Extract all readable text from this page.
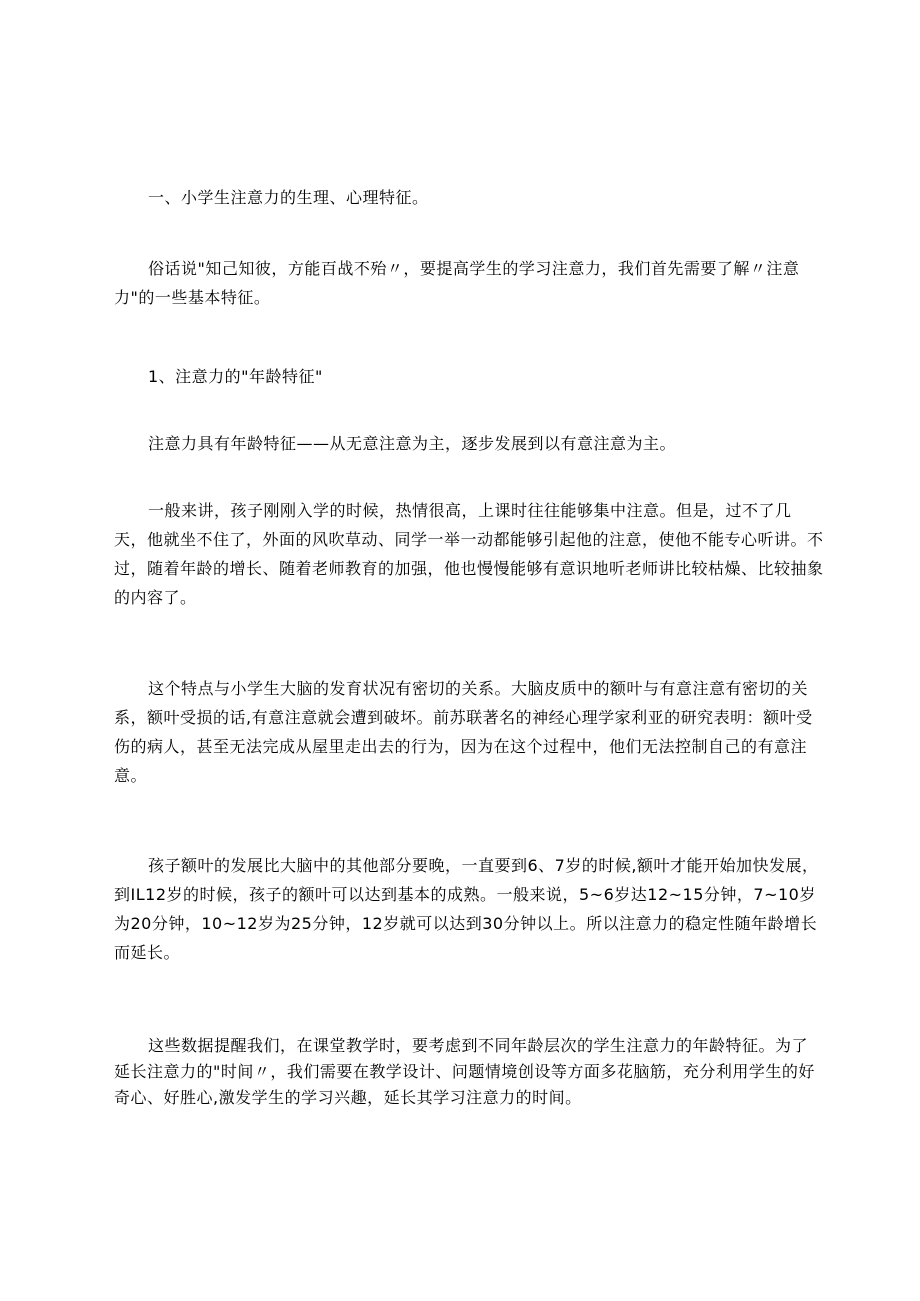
一、小学生注意力的生理、心理特征。

俗话说"知己知彼，方能百战不殆〃，要提高学生的学习注意力，我们首先需要了解〃注意力"的一些基本特征。

1、注意力的"年龄特征"

注意力具有年龄特征——从无意注意为主，逐步发展到以有意注意为主。

一般来讲，孩子刚刚入学的时候，热情很高，上课时往往能够集中注意。但是，过不了几天，他就坐不住了，外面的风吹草动、同学一举一动都能够引起他的注意，使他不能专心听讲。不过，随着年龄的增长、随着老师教育的加强，他也慢慢能够有意识地听老师讲比较枯燥、比较抽象的内容了。

这个特点与小学生大脑的发育状况有密切的关系。大脑皮质中的额叶与有意注意有密切的关系，额叶受损的话,有意注意就会遭到破坏。前苏联著名的神经心理学家利亚的研究表明：额叶受伤的病人，甚至无法完成从屋里走出去的行为，因为在这个过程中，他们无法控制自己的有意注意。

孩子额叶的发展比大脑中的其他部分要晚，一直要到6、7岁的时候,额叶才能开始加快发展，到IL12岁的时候，孩子的额叶可以达到基本的成熟。一般来说，5~6岁达12~15分钟，7~10岁为20分钟，10~12岁为25分钟，12岁就可以达到30分钟以上。所以注意力的稳定性随年龄增长而延长。

这些数据提醒我们，在课堂教学时，要考虑到不同年龄层次的学生注意力的年龄特征。为了延长注意力的"时间〃，我们需要在教学设计、问题情境创设等方面多花脑筋，充分利用学生的好奇心、好胜心,激发学生的学习兴趣，延长其学习注意力的时间。
